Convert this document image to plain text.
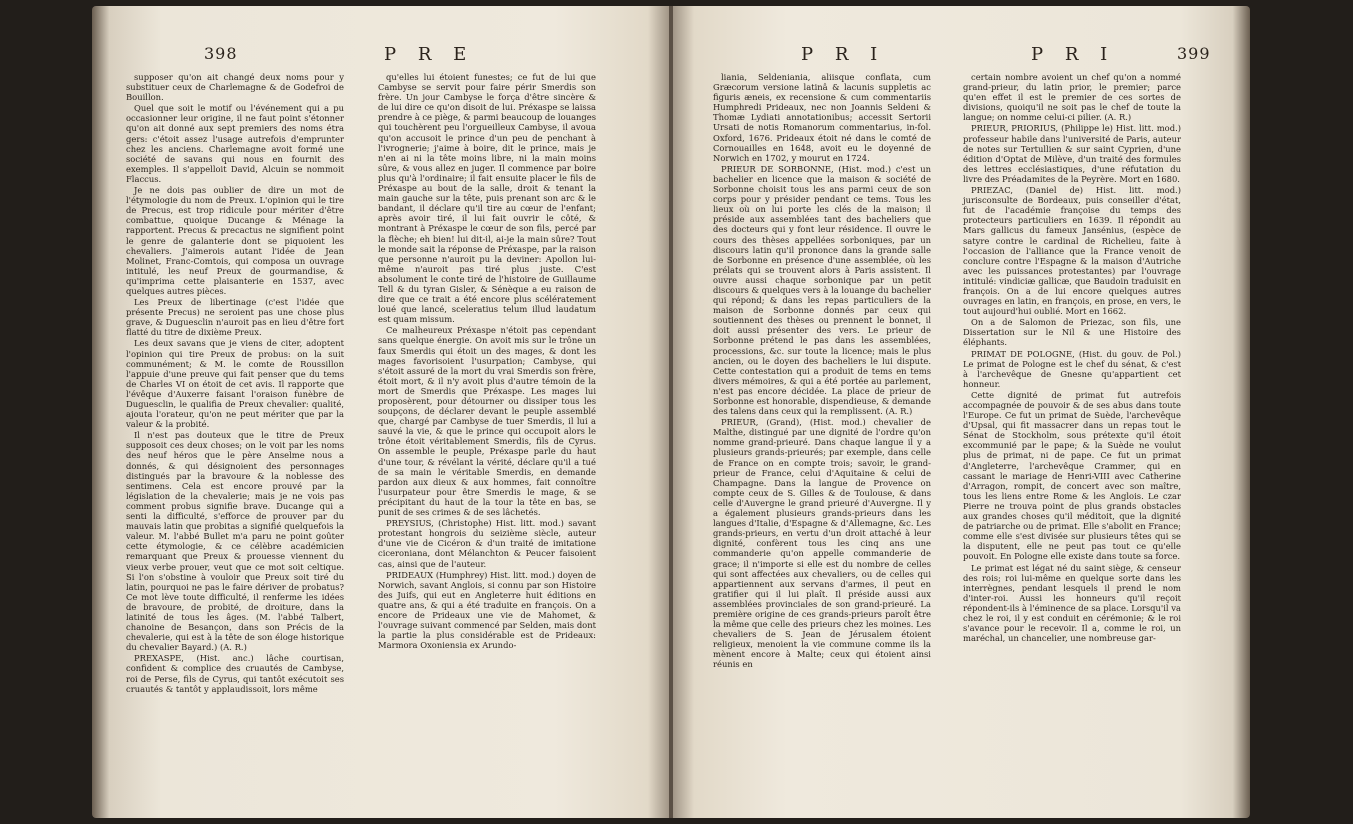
398	P R E

supposer qu'on ait changé deux noms pour y substituer ceux de Charlemagne & de Godefroi de Bouillon.

Quel que soit le motif ou l'événement qui a pu occasionner leur origine, il ne faut point s'étonner qu'on ait donné aux sept premiers des noms étra gers: c'étoit assez l'usage autrefois d'emprunter chez les anciens. Charlemagne avoit formé une société de savans qui nous en fournit des exemples. Il s'appelloit David, Alcuin se nommoit Flaccus.

Je ne dois pas oublier de dire un mot de l'étymologie du nom de Preux. L'opinion qui le tire de Precus, est trop ridicule pour mériter d'être combattue, quoique Ducange & Ménage la rapportent. Precus & precactus ne signifient point le genre de galanterie dont se piquoient les chevaliers. J'aimerois autant l'idée de Jean Molinet, Franc-Comtois, qui composa un ouvrage intitulé, les neuf Preux de gourmandise, & qu'imprima cette plaisanterie en 1537, avec quelques autres pièces.

Les Preux de libertinage (c'est l'idée que présente Precus) ne seroient pas une chose plus grave, & Duguesclin n'auroit pas en lieu d'être fort flatté du titre de dixième Preux.

Les deux savans que je viens de citer, adoptent l'opinion qui tire Preux de probus: on la suit communément; & M. le comte de Roussillon l'appuie d'une preuve qui fait penser que du tems de Charles VI on étoit de cet avis. Il rapporte que l'évêque d'Auxerre faisant l'oraison funèbre de Duguesclin, le qualifia de Preux chevalier: qualité, ajouta l'orateur, qu'on ne peut mériter que par la valeur & la probité.

Il n'est pas douteux que le titre de Preux supposoit ces deux choses; on le voit par les noms des neuf héros que le père Anselme nous a donnés, & qui désignoient des personnages distingués par la bravoure & la noblesse des sentimens. Cela est encore prouvé par la législation de la chevalerie; mais je ne vois pas comment probus signifie brave. Ducange qui a senti la difficulté, s'efforce de prouver par du mauvais latin que probitas a signifié quelquefois la valeur. M. l'abbé Bullet m'a paru ne point goûter cette étymologie, & ce célèbre académicien remarquant que Preux & prouesse viennent du vieux verbe prouer, veut que ce mot soit celtique. Si l'on s'obstine à vouloir que Preux soit tiré du latin, pourquoi ne pas le faire dériver de probatus? Ce mot lève toute difficulté, il renferme les idées de bravoure, de probité, de droiture, dans la latinité de tous les âges. (M. l'abbé Talbert, chanoine de Besançon, dans son Précis de la chevalerie, qui est à la tête de son éloge historique du chevalier Bayard.) (A. R.)

PREXASPE, (Hist. anc.) lâche courtisan, confident & complice des cruautés de Cambyse, roi de Perse, fils de Cyrus, qui tantôt exécutoit ses cruautés & tantôt y applaudissoit, lors même

qu'elles lui étoient funestes; ce fut de lui que Cambyse se servit pour faire périr Smerdis son frère. Un jour Cambyse le força d'être sincère & de lui dire ce qu'on disoit de lui. Préxaspe se laissa prendre à ce piège, & parmi beaucoup de louanges qui touchèrent peu l'orgueilleux Cambyse, il avoua qu'on accusoit le prince d'un peu de penchant à l'ivrognerie; j'aime à boire, dit le prince, mais je n'en ai ni la tête moins libre, ni la main moins sûre, & vous allez en juger. Il commence par boire plus qu'à l'ordinaire; il fait ensuite placer le fils de Préxaspe au bout de la salle, droit & tenant la main gauche sur la tête, puis prenant son arc & le bandant, il déclare qu'il tire au cœur de l'enfant; après avoir tiré, il lui fait ouvrir le côté, & montrant à Préxaspe le cœur de son fils, percé par la flèche; eh bien! lui dit-il, ai-je la main sûre? Tout le monde sait la réponse de Préxaspe, par la raison que personne n'auroit pu la deviner: Apollon lui-même n'auroit pas tiré plus juste. C'est absolument le conte tiré de l'histoire de Guillaume Tell & du tyran Gisler, & Sénèque a eu raison de dire que ce trait a été encore plus scélératement loué que lancé, sceleratius telum illud laudatum est quam missum.

Ce malheureux Préxaspe n'étoit pas cependant sans quelque énergie. On avoit mis sur le trône un faux Smerdis qui étoit un des mages, & dont les mages favorisoient l'usurpation; Cambyse, qui s'étoit assuré de la mort du vrai Smerdis son frère, étoit mort, & il n'y avoit plus d'autre témoin de la mort de Smerdis que Préxaspe. Les mages lui proposèrent, pour détourner ou dissiper tous les soupçons, de déclarer devant le peuple assemblé que, chargé par Cambyse de tuer Smerdis, il lui a sauvé la vie, & que le prince qui occupoit alors le trône étoit véritablement Smerdis, fils de Cyrus. On assemble le peuple, Préxaspe parle du haut d'une tour, & révélant la vérité, déclare qu'il a tué de sa main le véritable Smerdis, en demande pardon aux dieux & aux hommes, fait connoître l'usurpateur pour être Smerdis le mage, & se précipitant du haut de la tour la tête en bas, se punit de ses crimes & de ses lâchetés.

PREYSIUS, (Christophe) Hist. litt. mod.) savant protestant hongrois du seizième siècle, auteur d'une vie de Cicéron & d'un traité de imitatione ciceroniana, dont Mélanchton & Peucer faisoient cas, ainsi que de l'auteur.

PRIDEAUX (Humphrey) Hist. litt. mod.) doyen de Norwich, savant Anglois, si connu par son Histoire des Juifs, qui eut en Angleterre huit éditions en quatre ans, & qui a été traduite en françois. On a encore de Prideaux une vie de Mahomet, & l'ouvrage suivant commencé par Selden, mais dont la partie la plus considérable est de Prideaux: Marmora Oxoniensia ex Arundo-

P R I	P R I	399

liania, Seldeniania, aliisque conflata, cum Græcorum versione latinâ & lacunis suppletis ac figuris æneis, ex recensione & cum commentariis Humphredi Prideaux, nec non Joannis Seldeni & Thomæ Lydiati annotationibus; accessit Sertorii Ursati de notis Romanorum commentarius, in-fol. Oxford, 1676. Prideaux étoit né dans le comté de Cornouailles en 1648, avoit eu le doyenné de Norwich en 1702, y mourut en 1724.

PRIEUR DE SORBONNE, (Hist. mod.) c'est un bachelier en licence que la maison & société de Sorbonne choisit tous les ans parmi ceux de son corps pour y présider pendant ce tems. Tous les lieux où on lui porte les clés de la maison; il préside aux assemblées tant des bacheliers que des docteurs qui y font leur résidence. Il ouvre le cours des thèses appellées sorboniques, par un discours latin qu'il prononce dans la grande salle de Sorbonne en présence d'une assemblée, où les prélats qui se trouvent alors à Paris assistent. Il ouvre aussi chaque sorbonique par un petit discours & quelques vers à la louange du bachelier qui répond; & dans les repas particuliers de la maison de Sorbonne donnés par ceux qui soutiennent des thèses ou prennent le bonnet, il doit aussi présenter des vers. Le prieur de Sorbonne prétend le pas dans les assemblées, processions, &c. sur toute la licence; mais le plus ancien, ou le doyen des bacheliers le lui dispute. Cette contestation qui a produit de tems en tems divers mémoires, & qui a été portée au parlement, n'est pas encore décidée. La place de prieur de Sorbonne est honorable, dispendieuse, & demande des talens dans ceux qui la remplissent. (A. R.)

PRIEUR, (Grand), (Hist. mod.) chevalier de Malthe, distingué par une dignité de l'ordre qu'on nomme grand-prieuré. Dans chaque langue il y a plusieurs grands-prieurés; par exemple, dans celle de France on en compte trois; savoir, le grand-prieur de France, celui d'Aquitaine & celui de Champagne. Dans la langue de Provence on compte ceux de S. Gilles & de Toulouse, & dans celle d'Auvergne le grand prieuré d'Auvergne. Il y a également plusieurs grands-prieurs dans les langues d'Italie, d'Espagne & d'Allemagne, &c. Les grands-prieurs, en vertu d'un droit attaché à leur dignité, confèrent tous les cinq ans une commanderie qu'on appelle commanderie de grace; il n'importe si elle est du nombre de celles qui sont affectées aux chevaliers, ou de celles qui appartiennent aux servans d'armes, il peut en gratifier qui il lui plaît. Il préside aussi aux assemblées provinciales de son grand-prieuré. La première origine de ces grands-prieurs paroît être la même que celle des prieurs chez les moines. Les chevaliers de S. Jean de Jérusalem étoient religieux, menoient la vie commune comme ils la mènent encore à Malte; ceux qui étoient ainsi réunis en

certain nombre avoient un chef qu'on a nommé grand-prieur, du latin prior, le premier; parce qu'en effet il est le premier de ces sortes de divisions, quoiqu'il ne soit pas le chef de toute la langue; on nomme celui-ci pilier. (A. R.)

PRIEUR, PRIORIUS, (Philippe le) Hist. litt. mod.) professeur habile dans l'université de Paris, auteur de notes sur Tertullien & sur saint Cyprien, d'une édition d'Optat de Milève, d'un traité des formules des lettres ecclésiastiques, d'une réfutation du livre des Préadamites de la Peyrère. Mort en 1680.

PRIEZAC, (Daniel de) Hist. litt. mod.) jurisconsulte de Bordeaux, puis conseiller d'état, fut de l'académie françoise du temps des protecteurs particuliers en 1639. Il répondit au Mars gallicus du fameux Jansénius, (espèce de satyre contre le cardinal de Richelieu, faite à l'occasion de l'alliance que la France venoit de conclure contre l'Espagne & la maison d'Autriche avec les puissances protestantes) par l'ouvrage intitulé: vindiciæ gallicæ, que Baudoin traduisit en françois. On a de lui encore quelques autres ouvrages en latin, en françois, en prose, en vers, le tout aujourd'hui oublié. Mort en 1662.

On a de Salomon de Priezac, son fils, une Dissertation sur le Nil & une Histoire des éléphants.

PRIMAT DE POLOGNE, (Hist. du gouv. de Pol.) Le primat de Pologne est le chef du sénat, & c'est à l'archevêque de Gnesne qu'appartient cet honneur.

Cette dignité de primat fut autrefois accompagnée de pouvoir & de ses abus dans toute l'Europe. Ce fut un primat de Suède, l'archevêque d'Upsal, qui fit massacrer dans un repas tout le Sénat de Stockholm, sous prétexte qu'il étoit excommunié par le pape; & la Suède ne voulut plus de primat, ni de pape. Ce fut un primat d'Angleterre, l'archevêque Crammer, qui en cassant le mariage de Henri-VIII avec Catherine d'Arragon, rompit, de concert avec son maître, tous les liens entre Rome & les Anglois. Le czar Pierre ne trouva point de plus grands obstacles aux grandes choses qu'il méditoit, que la dignité de patriarche ou de primat. Elle s'abolit en France; comme elle s'est divisée sur plusieurs têtes qui se la disputent, elle ne peut pas tout ce qu'elle pouvoit. En Pologne elle existe dans toute sa force.

Le primat est légat né du saint siège, & censeur des rois; roi lui-même en quelque sorte dans les interrègnes, pendant lesquels il prend le nom d'inter-roi. Aussi les honneurs qu'il reçoit répondent-ils à l'éminence de sa place. Lorsqu'il va chez le roi, il y est conduit en cérémonie; & le roi s'avance pour le recevoir. Il a, comme le roi, un maréchal, un chancelier, une nombreuse gar-
